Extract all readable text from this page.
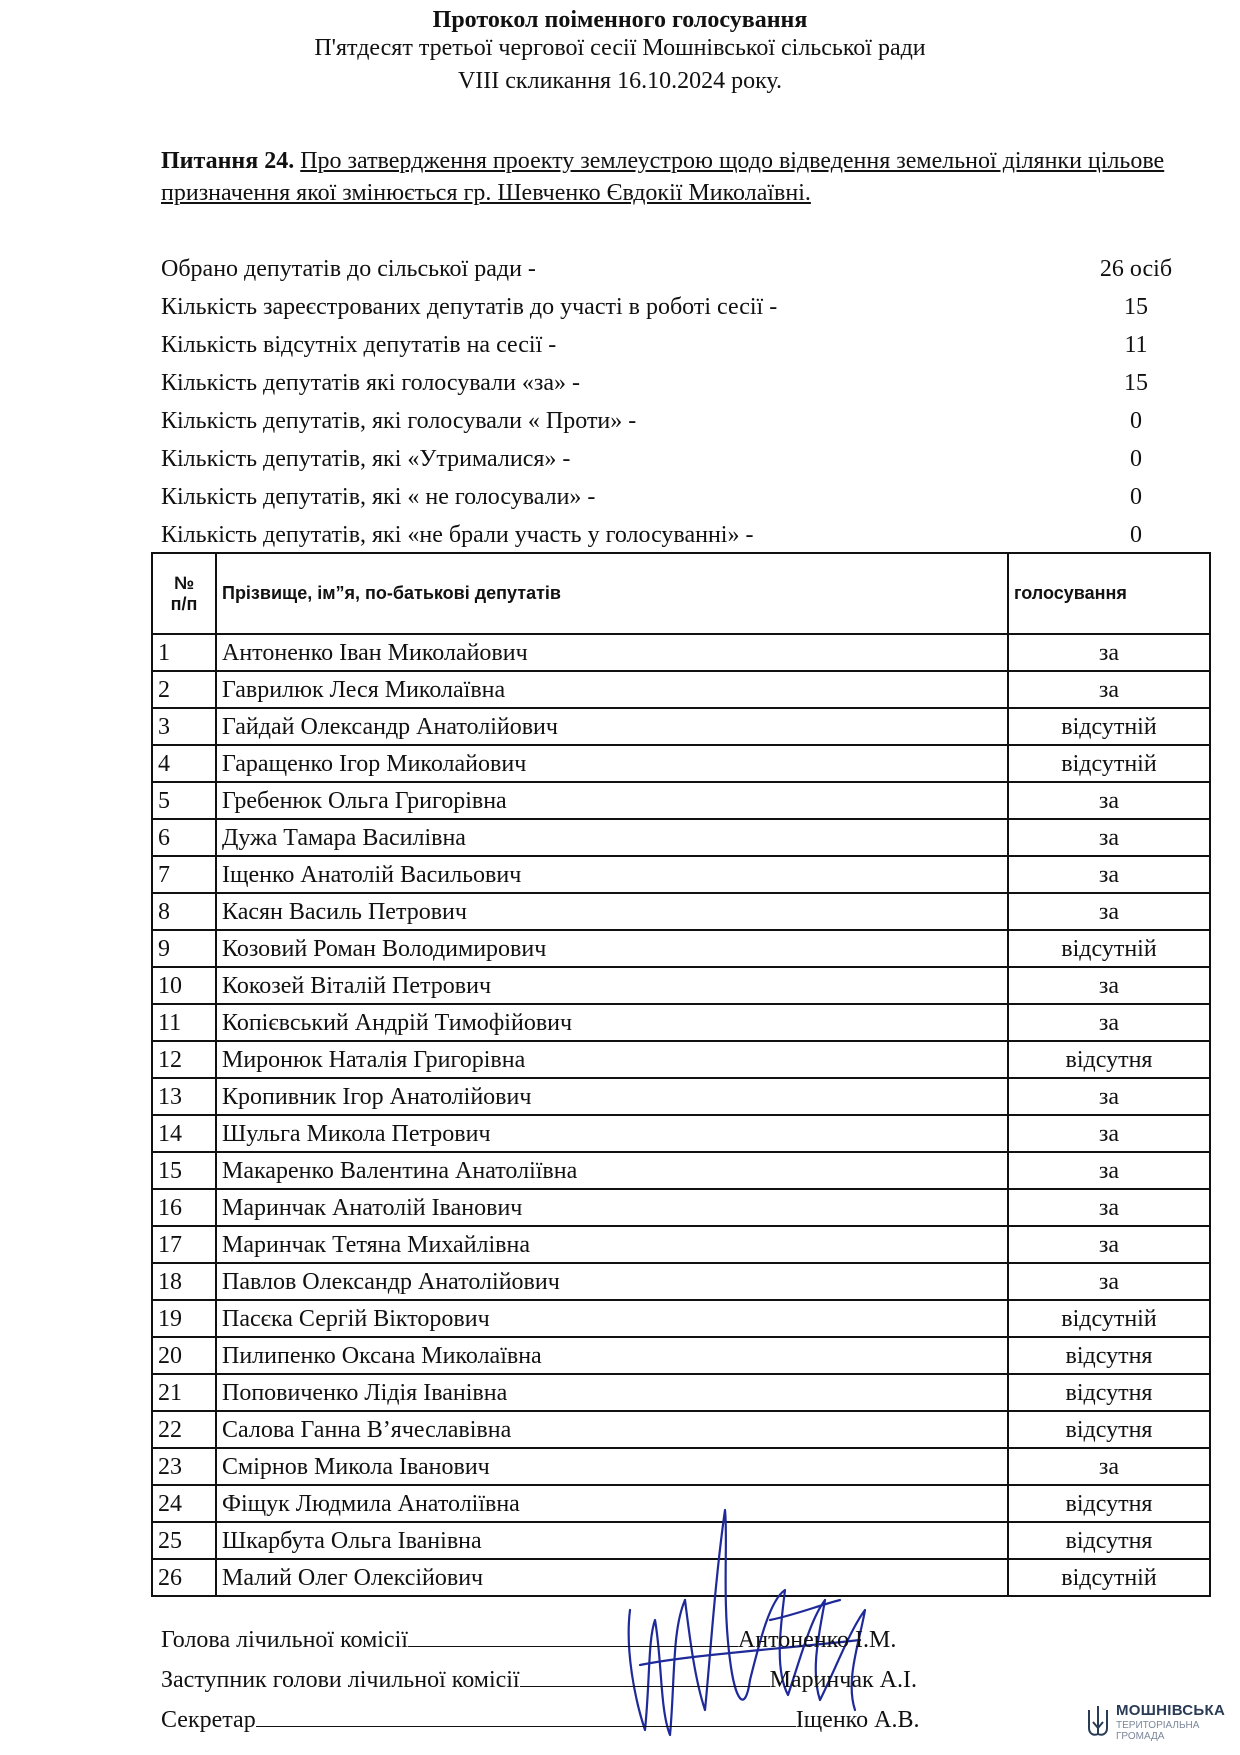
Протокол поіменного голосування
П'ятдесят третьої чергової сесії Мошнівської сільської ради
VIII скликання 16.10.2024 року.
Питання 24. Про затвердження проекту землеустрою щодо відведення земельної ділянки цільове призначення якої змінюється гр. Шевченко Євдокії Миколаївні.
Обрано депутатів до сільської ради -	26 осіб
Кількість зареєстрованих депутатів до участі в роботі сесії -	15
Кількість відсутніх депутатів на сесії -	11
Кількість депутатів які голосували «за» -	15
Кількість депутатів, які голосували « Проти» -	0
Кількість депутатів, які «Утрималися» -	0
Кількість депутатів, які « не голосували» -	0
Кількість депутатів, які «не брали участь у голосуванні» -	0
№
п/п	Прізвище, ім”я, по-батькові депутатів	голосування
1	Антоненко Іван Миколайович	за
2	Гаврилюк Леся Миколаївна	за
3	Гайдай Олександр Анатолійович	відсутній
4	Гаращенко Ігор Миколайович	відсутній
5	Гребенюк Ольга Григорівна	за
6	Дужа Тамара Василівна	за
7	Іщенко Анатолій Васильович	за
8	Касян Василь Петрович	за
9	Козовий Роман Володимирович	відсутній
10	Кокозей Віталій Петрович	за
11	Копієвський Андрій Тимофійович	за
12	Миронюк Наталія Григорівна	відсутня
13	Кропивник Ігор Анатолійович	за
14	Шульга Микола Петрович	за
15	Макаренко Валентина Анатоліївна	за
16	Маринчак Анатолій Іванович	за
17	Маринчак Тетяна Михайлівна	за
18	Павлов Олександр Анатолійович	за
19	Пасєка Сергій Вікторович	відсутній
20	Пилипенко Оксана Миколаївна	відсутня
21	Поповиченко Лідія Іванівна	відсутня
22	Салова Ганна В’ячеславівна	відсутня
23	Смірнов Микола Іванович	за
24	Фіщук Людмила Анатоліївна	відсутня
25	Шкарбута Ольга Іванівна	відсутня
26	Малий Олег Олексійович	відсутній
Голова лічильної комісії	Антоненко І.М.
Заступник голови лічильної комісії	Маринчак А.І.
Секретар	Іщенко А.В.	МОШНІВСЬКА
ТЕРИТОРІАЛЬНА ГРОМАДА
